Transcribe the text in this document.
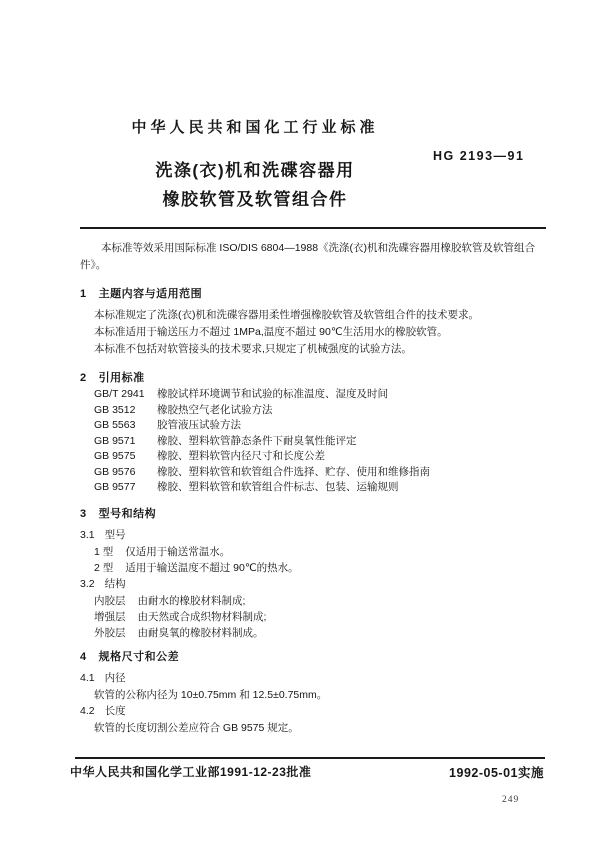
中华人民共和国化工行业标准
洗涤(衣)机和洗碟容器用
橡胶软管及软管组合件
HG 2193—91

本标准等效采用国际标准 ISO/DIS 6804—1988《洗涤(衣)机和洗碟容器用橡胶软管及软管组合件》。

1 主题内容与适用范围

本标准规定了洗涤(衣)机和洗碟容器用柔性增强橡胶软管及软管组合件的技术要求。

本标准适用于输送压力不超过 1MPa,温度不超过 90℃生活用水的橡胶软管。

本标准不包括对软管接头的技术要求,只规定了机械强度的试验方法。

2 引用标准
GB/T 2941 橡胶试样环境调节和试验的标准温度、湿度及时间
GB 3512 橡胶热空气老化试验方法
GB 5563 胶管液压试验方法
GB 9571 橡胶、塑料软管静态条件下耐臭氧性能评定
GB 9575 橡胶、塑料软管内径尺寸和长度公差
GB 9576 橡胶、塑料软管和软管组合件选择、贮存、使用和维修指南
GB 9577 橡胶、塑料软管和软管组合件标志、包装、运输规则
3 型号和结构
3.1 型号
1 型 仅适用于输送常温水。
2 型 适用于输送温度不超过 90℃的热水。
3.2 结构
内胶层 由耐水的橡胶材料制成;
增强层 由天然或合成织物材料制成;
外胶层 由耐臭氧的橡胶材料制成。
4 规格尺寸和公差
4.1 内径

软管的公称内径为 10±0.75mm 和 12.5±0.75mm。

4.2 长度

软管的长度切割公差应符合 GB 9575 规定。

中华人民共和国化学工业部1991-12-23批准	1992-05-01实施
249
